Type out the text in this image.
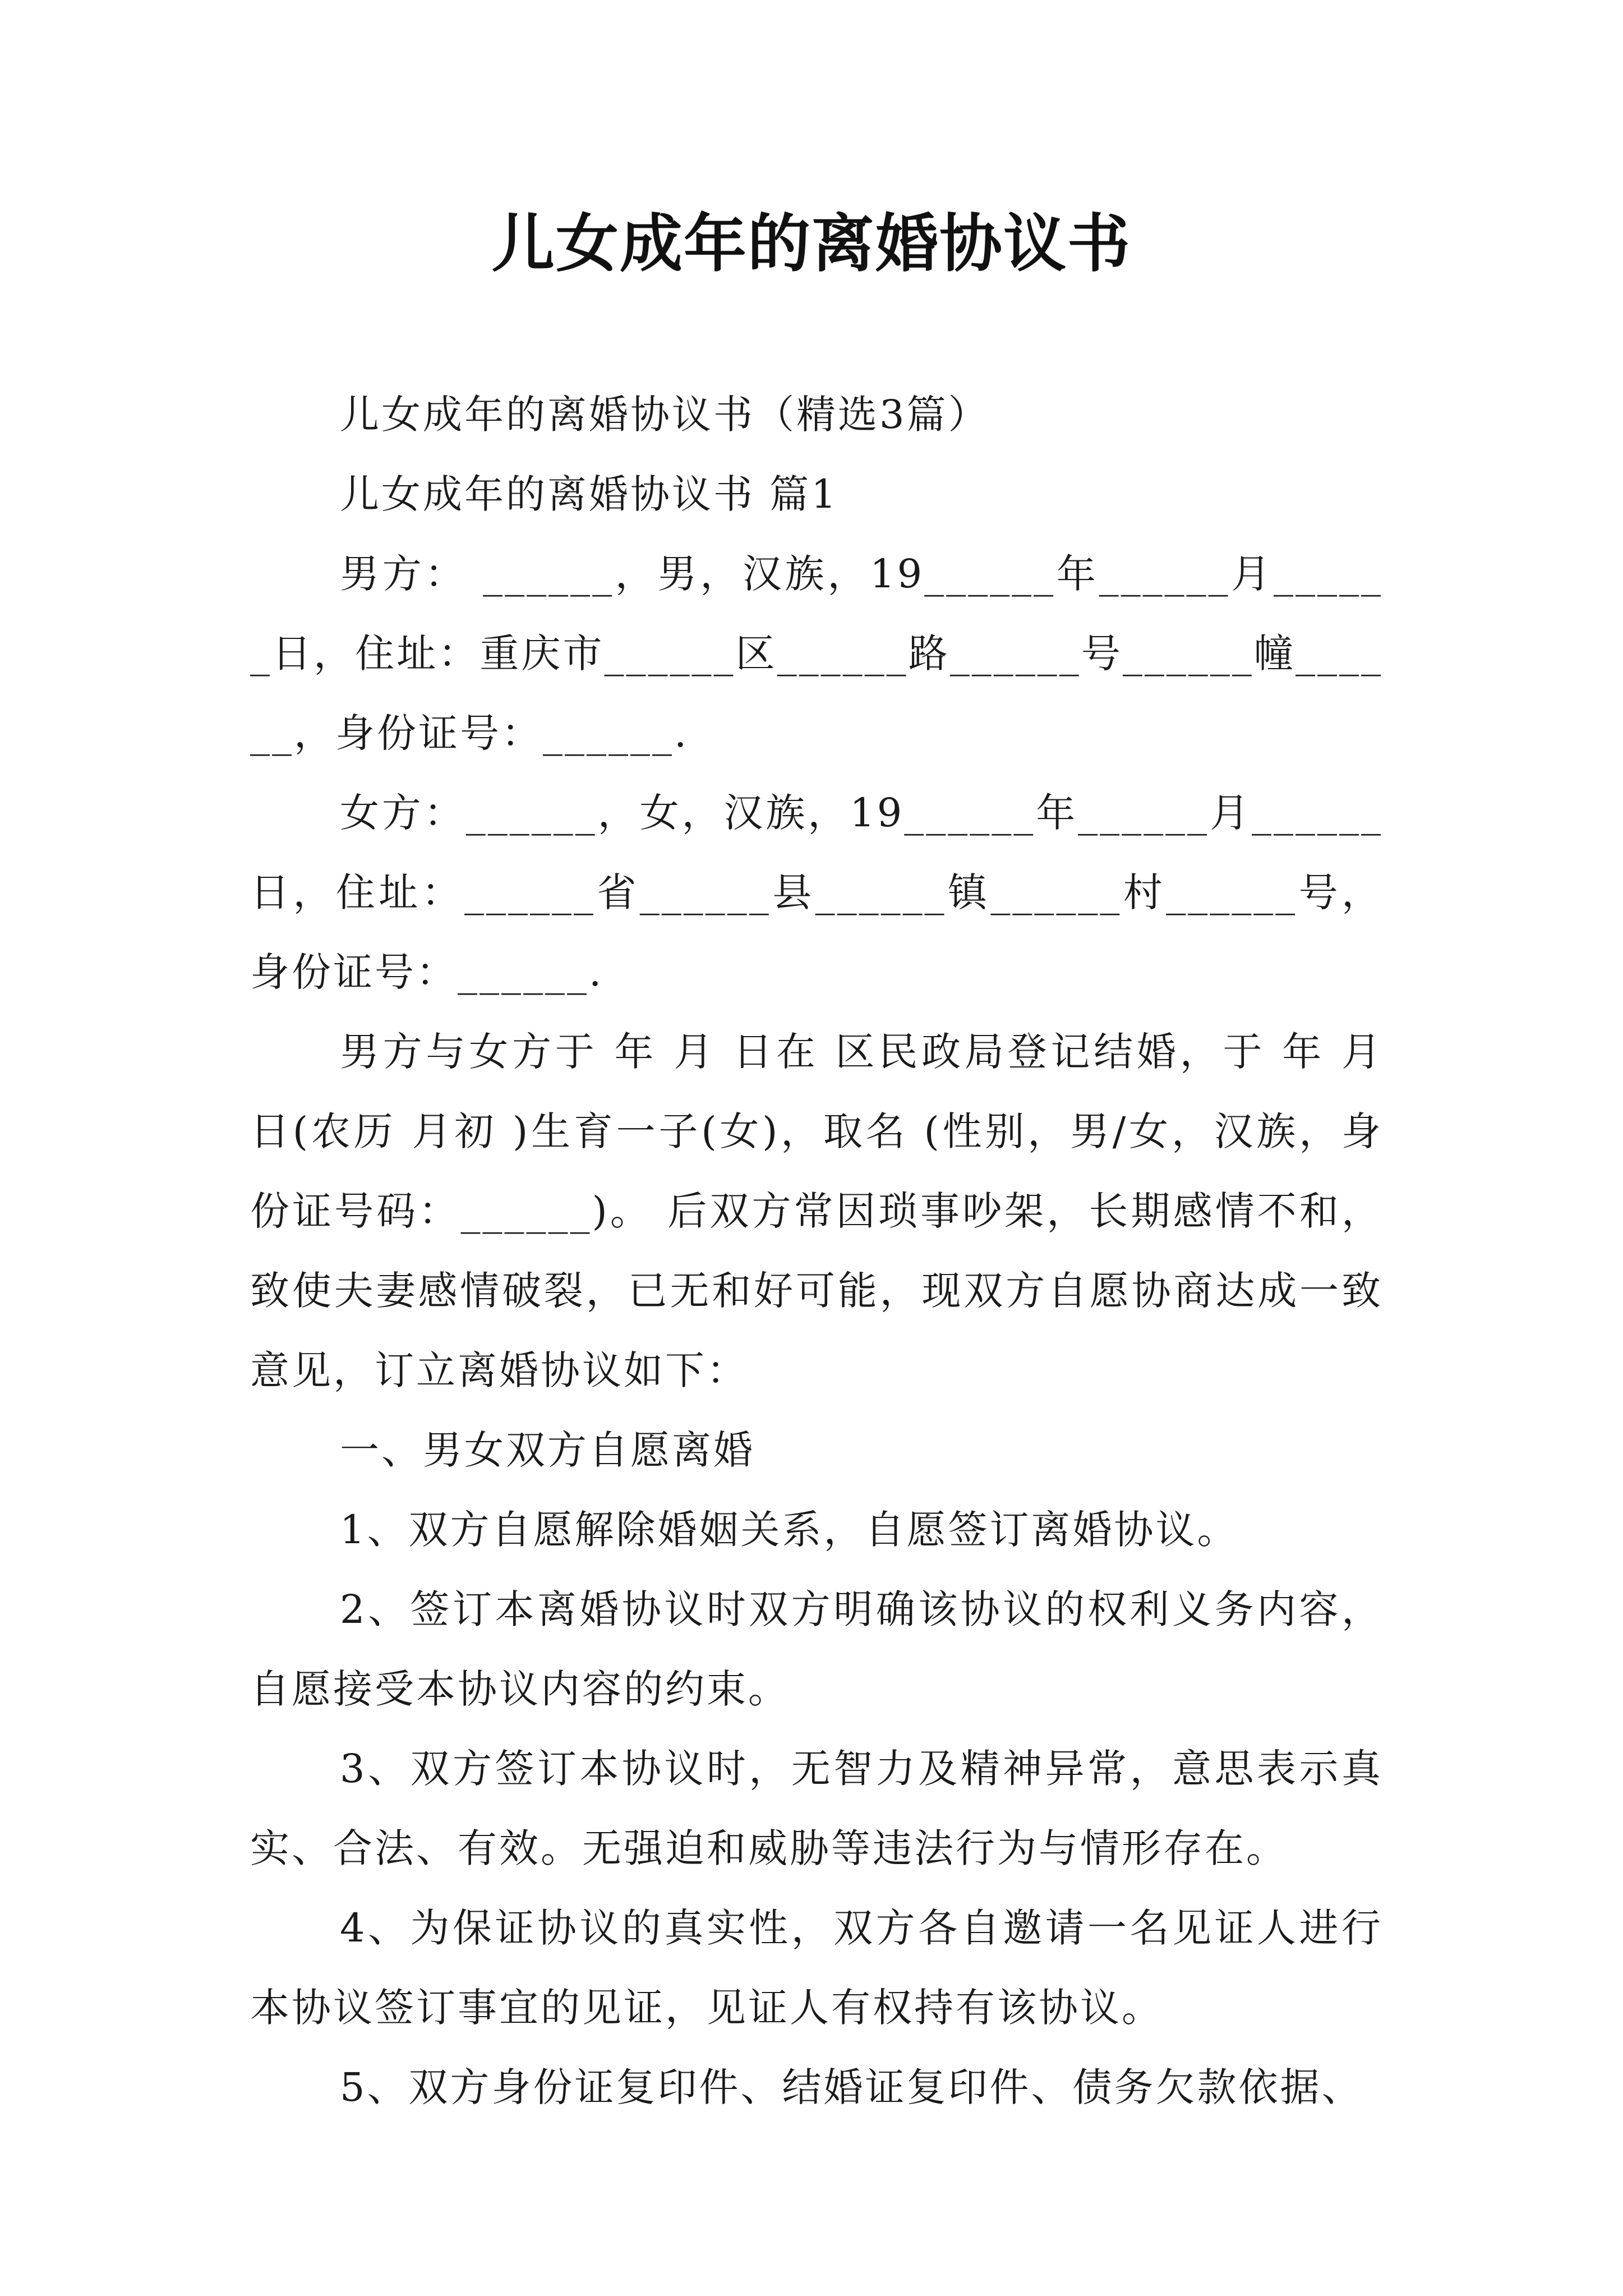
儿女成年的离婚协议书

儿女成年的离婚协议书（精选3篇）

儿女成年的离婚协议书 篇1

男方： ______，男，汉族，19______年______月______日，住址：重庆市______区______路______号______幢______，身份证号：______.

女方：______，女，汉族，19______年______月______日，住址：______省______县______镇______村______号，身份证号：______.

男方与女方于 年 月 日在 区民政局登记结婚，于 年 月 日(农历 月初 )生育一子(女)，取名 (性别，男/女，汉族，身份证号码：______)。 后双方常因琐事吵架，长期感情不和，致使夫妻感情破裂，已无和好可能，现双方自愿协商达成一致意见，订立离婚协议如下：

一、男女双方自愿离婚

1、双方自愿解除婚姻关系，自愿签订离婚协议。

2、签订本离婚协议时双方明确该协议的权利义务内容，自愿接受本协议内容的约束。

3、双方签订本协议时，无智力及精神异常，意思表示真实、合法、有效。无强迫和威胁等违法行为与情形存在。

4、为保证协议的真实性，双方各自邀请一名见证人进行本协议签订事宜的见证，见证人有权持有该协议。

5、双方身份证复印件、结婚证复印件、债务欠款依据、
